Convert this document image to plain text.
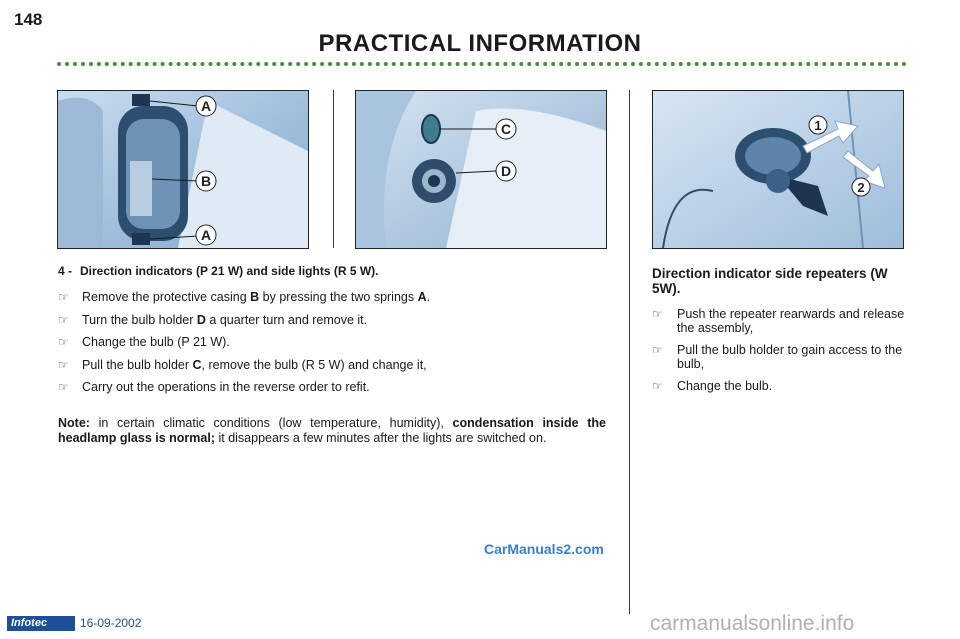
148
PRACTICAL INFORMATION
A
B
A
C
D
1
2
4 - Direction indicators (P 21 W) and side lights (R 5 W).
☞ Remove the protective casing B by pressing the two springs A.
☞ Turn the bulb holder D a quarter turn and remove it.
☞ Change the bulb (P 21 W).
☞ Pull the bulb holder C, remove the bulb (R 5 W) and change it,
☞ Carry out the operations in the reverse order to refit.
Note: in certain climatic conditions (low temperature, humidity), condensation inside the headlamp glass is normal; it disappears a few minutes after the lights are switched on.
Direction indicator side repeaters (W 5W).
☞ Push the repeater rearwards and release the assembly,
☞ Pull the bulb holder to gain access to the bulb,
☞ Change the bulb.
CarManuals2.com
Infotec	16-09-2002	carmanualsonline.info
